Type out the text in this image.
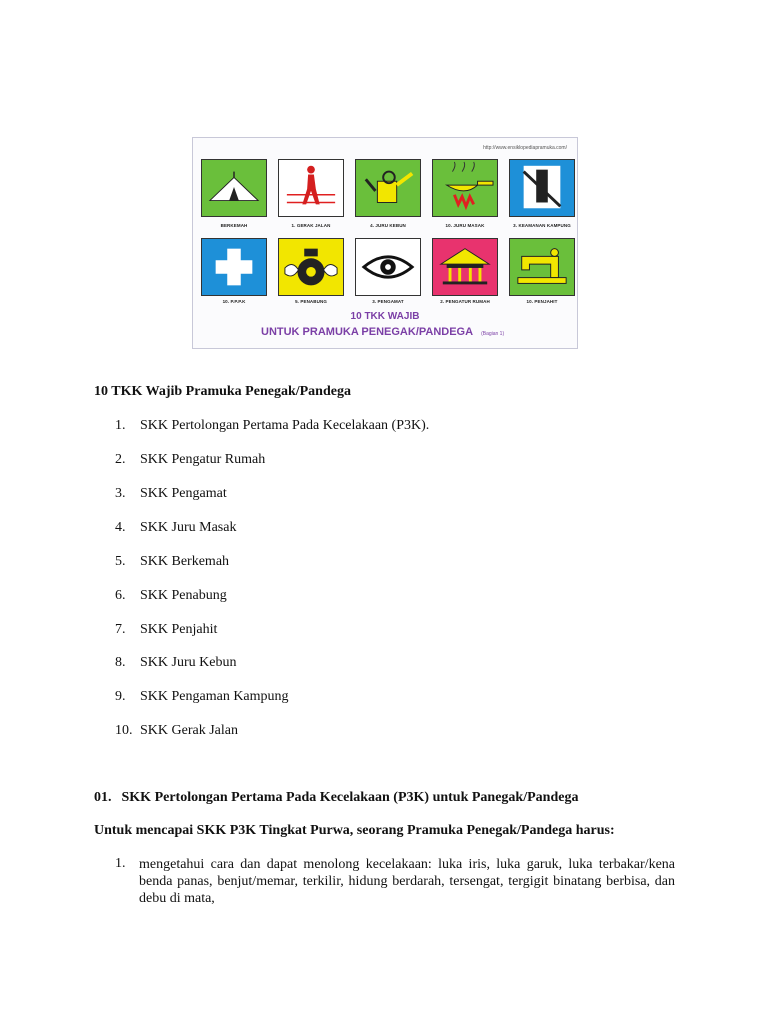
http://www.ensiklopediapramuka.com/
BERKEMAH	1. GERAK JALAN	4. JURU KEBUN	10. JURU MASAK	3. KEAMANAN KAMPUNG
10. P.P.P.K	5. PENABUNG	3. PENGAMAT	2. PENGATUR RUMAH	10. PENJAHIT
10 TKK WAJIB
UNTUK PRAMUKA PENEGAK/PANDEGA (Bagian 1)
10 TKK Wajib Pramuka Penegak/Pandega
1. SKK Pertolongan Pertama Pada Kecelakaan (P3K).
2. SKK Pengatur Rumah
3. SKK Pengamat
4. SKK Juru Masak
5. SKK Berkemah
6. SKK Penabung
7. SKK Penjahit
8. SKK Juru Kebun
9. SKK Pengaman Kampung
10. SKK Gerak Jalan
01. SKK Pertolongan Pertama Pada Kecelakaan (P3K) untuk Panegak/Pandega
Untuk mencapai SKK P3K Tingkat Purwa, seorang Pramuka Penegak/Pandega harus:
1. mengetahui cara dan dapat menolong kecelakaan: luka iris, luka garuk, luka terbakar/kena benda panas, benjut/memar, terkilir, hidung berdarah, tersengat, tergigit binatang berbisa, dan debu di mata,
